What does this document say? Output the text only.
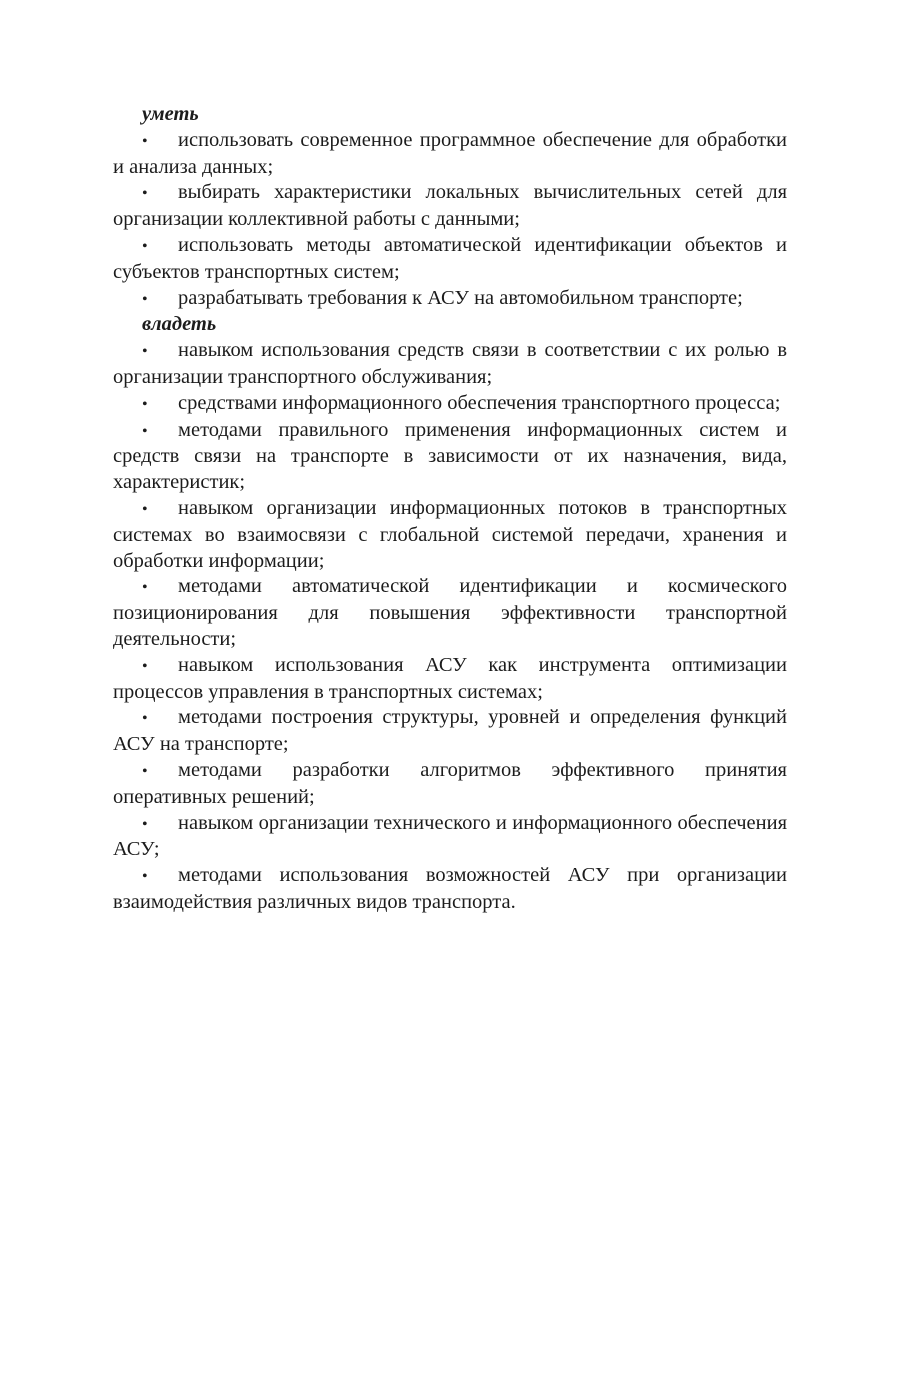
уметь

• использовать современное программное обеспечение для обработки и анализа данных;

• выбирать характеристики локальных вычислительных сетей для организации коллективной работы с данными;

• использовать методы автоматической идентификации объектов и субъектов транспортных систем;

• разрабатывать требования к АСУ на автомобильном транспорте;

владеть

• навыком использования средств связи в соответствии с их ролью в организации транспортного обслуживания;

• средствами информационного обеспечения транспортного процесса;

• методами правильного применения информационных систем и средств связи на транспорте в зависимости от их назначения, вида, характеристик;

• навыком организации информационных потоков в транспортных системах во взаимосвязи с глобальной системой передачи, хранения и обработки информации;

• методами автоматической идентификации и космического позиционирования для повышения эффективности транспортной деятельности;

• навыком использования АСУ как инструмента оптимизации процессов управления в транспортных системах;

• методами построения структуры, уровней и определения функций АСУ на транспорте;

• методами разработки алгоритмов эффективного принятия оперативных решений;

• навыком организации технического и информационного обеспечения АСУ;

• методами использования возможностей АСУ при организации взаимодействия различных видов транспорта.
